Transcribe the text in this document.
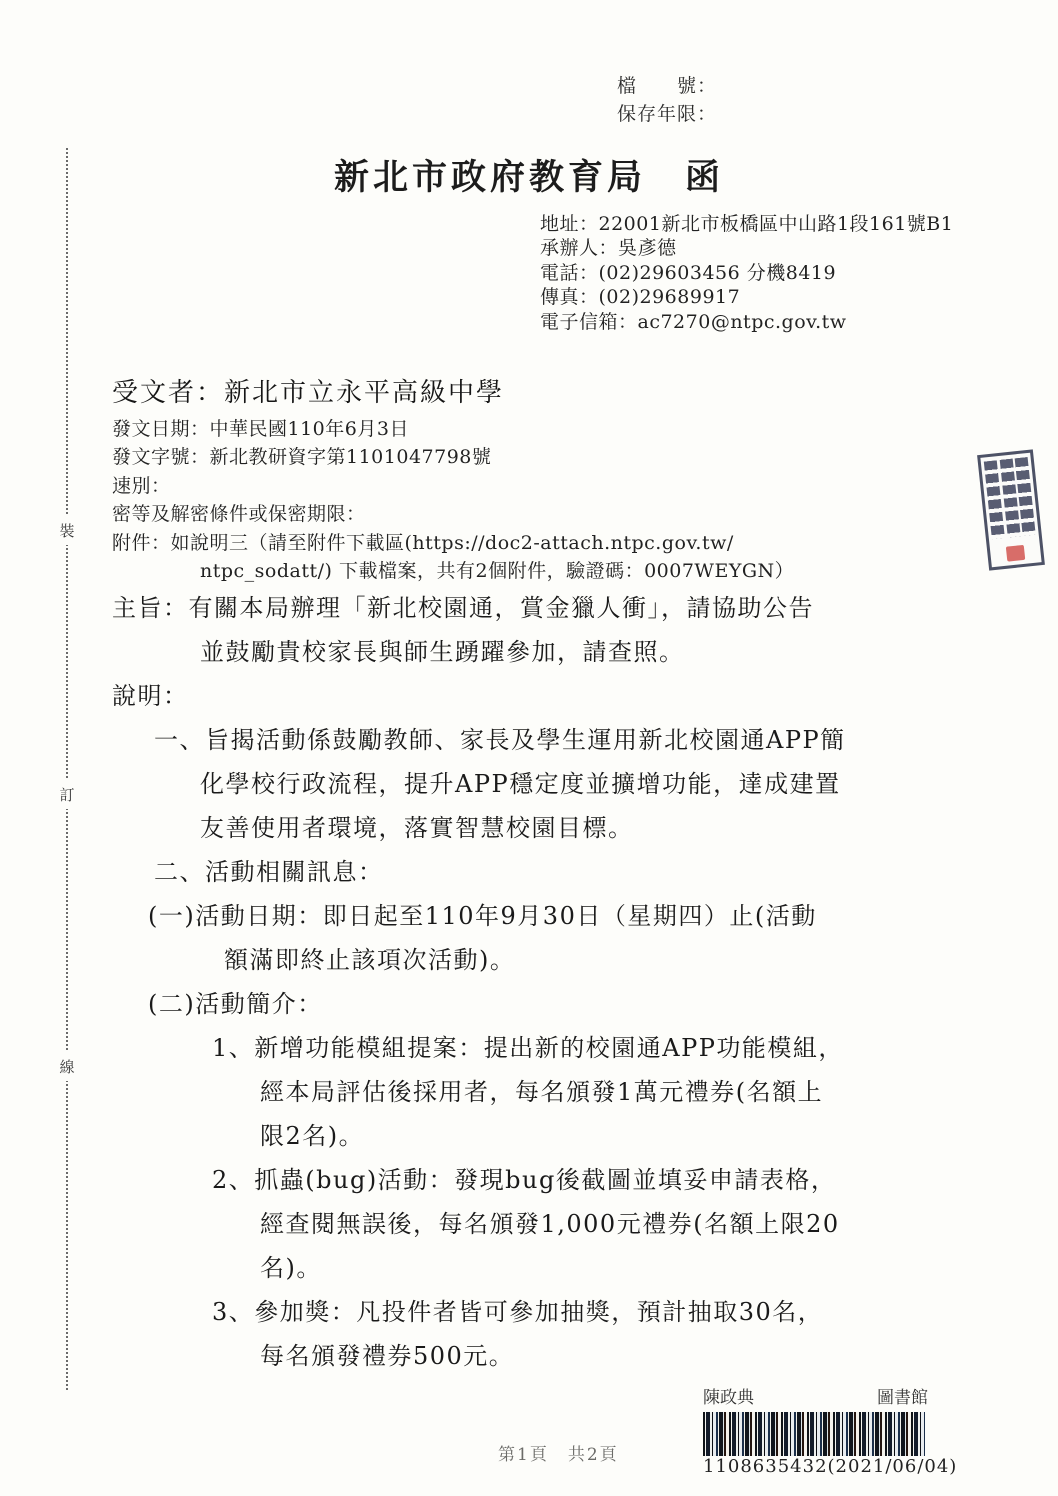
裝
訂
線
檔　　號：
保存年限：
新北市政府教育局　函
地址：22001新北市板橋區中山路1段161號B1
承辦人：吳彥德
電話：(02)29603456 分機8419
傳真：(02)29689917
電子信箱：ac7270@ntpc.gov.tw
受文者：新北市立永平高級中學
發文日期：中華民國110年6月3日
發文字號：新北教研資字第1101047798號
速別：
密等及解密條件或保密期限：
附件：如說明三（請至附件下載區(https://doc2-attach.ntpc.gov.tw/
ntpc_sodatt/) 下載檔案，共有2個附件，驗證碼：0007WEYGN）
主旨：有關本局辦理「新北校園通，賞金獵人衝」，請協助公告
並鼓勵貴校家長與師生踴躍參加，請查照。
說明：
一、旨揭活動係鼓勵教師、家長及學生運用新北校園通APP簡
化學校行政流程，提升APP穩定度並擴增功能，達成建置
友善使用者環境，落實智慧校園目標。
二、活動相關訊息：
(一)活動日期：即日起至110年9月30日（星期四）止(活動
額滿即終止該項次活動)。
(二)活動簡介：
1、新增功能模組提案：提出新的校園通APP功能模組，
經本局評估後採用者，每名頒發1萬元禮券(名額上
限2名)。
2、抓蟲(bug)活動：發現bug後截圖並填妥申請表格，
經查閱無誤後，每名頒發1,000元禮券(名額上限20
名)。
3、參加獎：凡投件者皆可參加抽獎，預計抽取30名，
每名頒發禮券500元。
陳政典	圖書館
1108635432 (2021/06/04)
第1頁　共2頁
